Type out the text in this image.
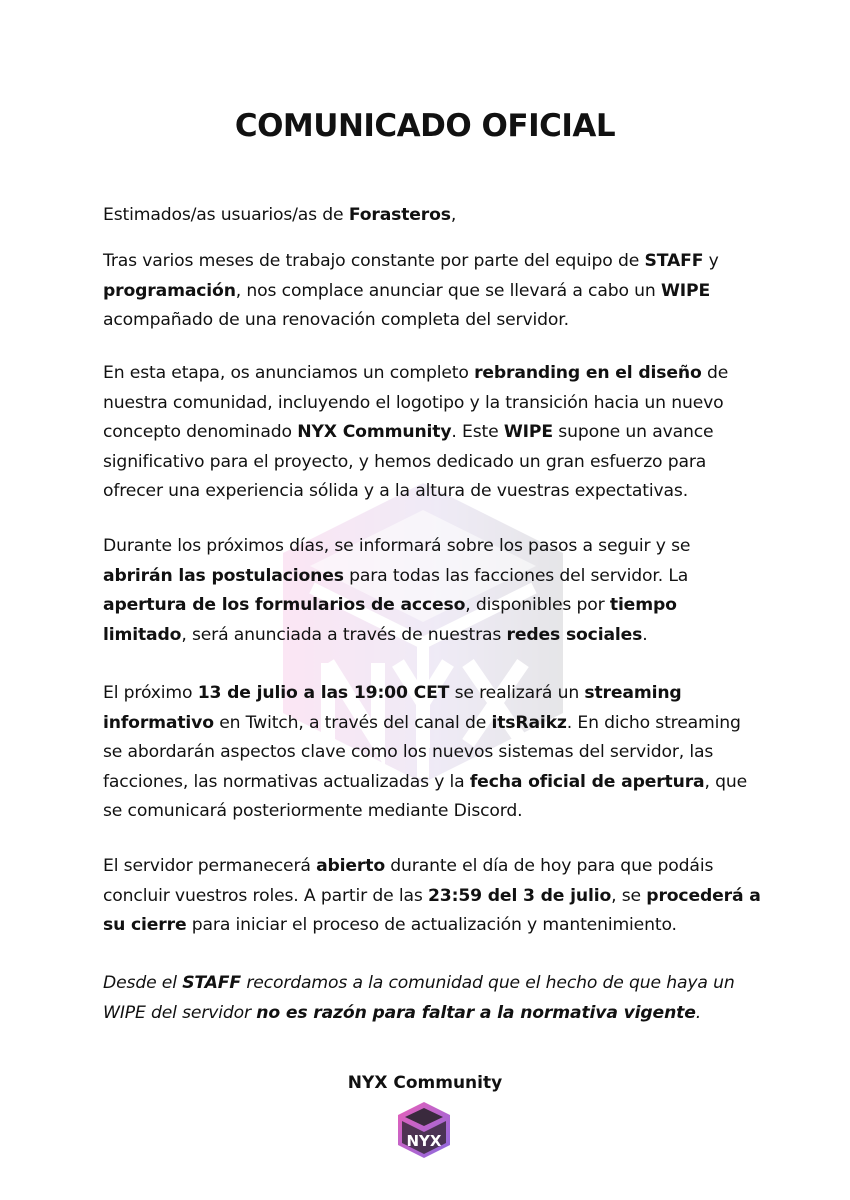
COMUNICADO OFICIAL

Estimados/as usuarios/as de Forasteros,

Tras varios meses de trabajo constante por parte del equipo de STAFF y programación, nos complace anunciar que se llevará a cabo un WIPE acompañado de una renovación completa del servidor.

En esta etapa, os anunciamos un completo rebranding en el diseño de nuestra comunidad, incluyendo el logotipo y la transición hacia un nuevo concepto denominado NYX Community. Este WIPE supone un avance significativo para el proyecto, y hemos dedicado un gran esfuerzo para ofrecer una experiencia sólida y a la altura de vuestras expectativas.

Durante los próximos días, se informará sobre los pasos a seguir y se abrirán las postulaciones para todas las facciones del servidor. La apertura de los formularios de acceso, disponibles por tiempo limitado, será anunciada a través de nuestras redes sociales.

El próximo 13 de julio a las 19:00 CET se realizará un streaming informativo en Twitch, a través del canal de itsRaikz. En dicho streaming se abordarán aspectos clave como los nuevos sistemas del servidor, las facciones, las normativas actualizadas y la fecha oficial de apertura, que se comunicará posteriormente mediante Discord.

El servidor permanecerá abierto durante el día de hoy para que podáis concluir vuestros roles. A partir de las 23:59 del 3 de julio, se procederá a su cierre para iniciar el proceso de actualización y mantenimiento.

Desde el STAFF recordamos a la comunidad que el hecho de que haya un WIPE del servidor no es razón para faltar a la normativa vigente.

NYX Community

NYX
